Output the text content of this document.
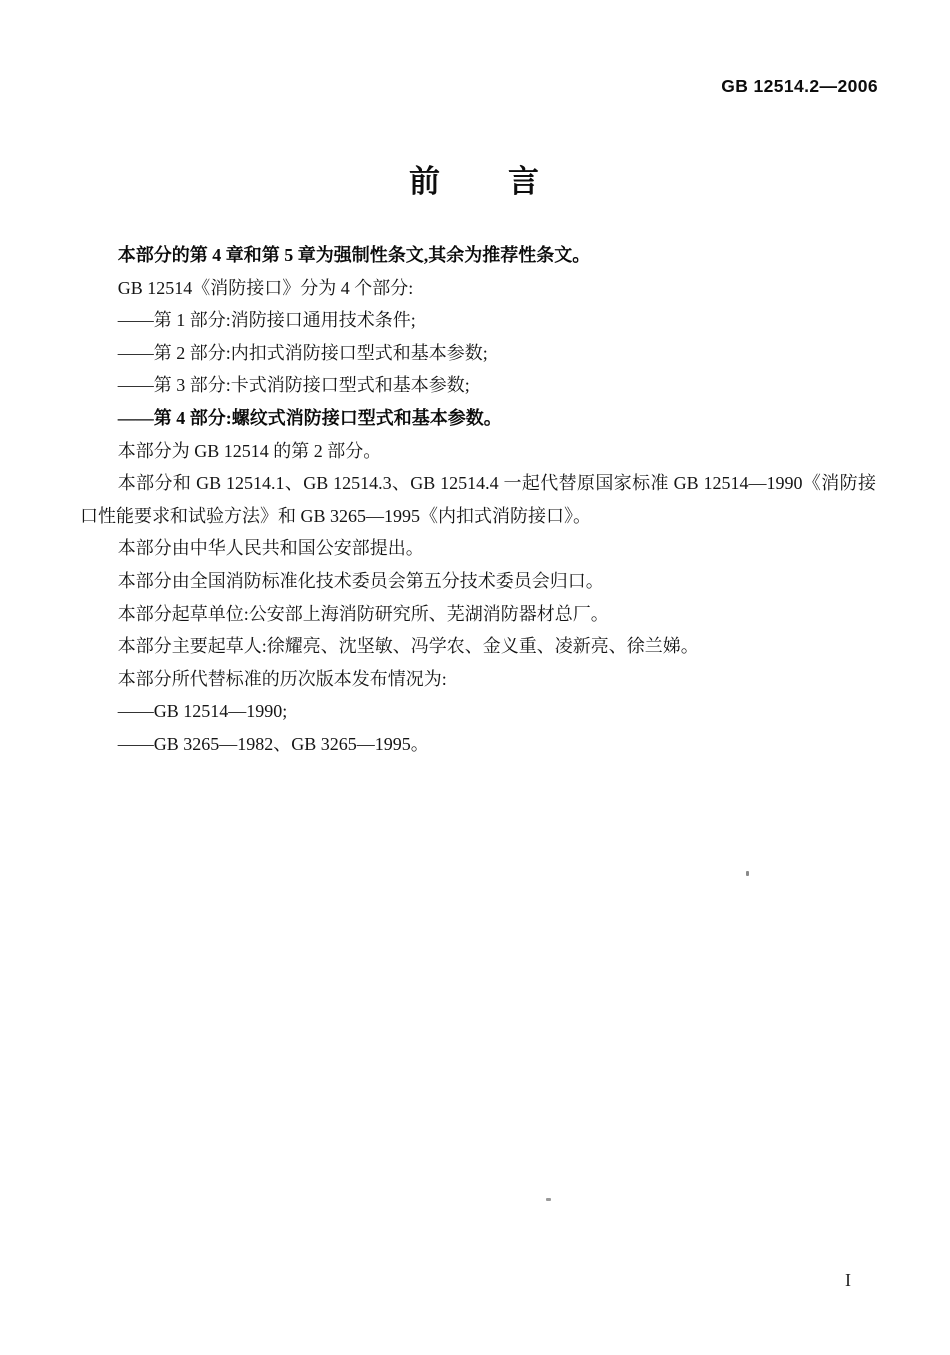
GB 12514.2—2006
前　　言

本部分的第 4 章和第 5 章为强制性条文,其余为推荐性条文。

GB 12514《消防接口》分为 4 个部分:

——第 1 部分:消防接口通用技术条件;

——第 2 部分:内扣式消防接口型式和基本参数;

——第 3 部分:卡式消防接口型式和基本参数;

——第 4 部分:螺纹式消防接口型式和基本参数。

本部分为 GB 12514 的第 2 部分。

本部分和 GB 12514.1、GB 12514.3、GB 12514.4 一起代替原国家标准 GB 12514—1990《消防接口性能要求和试验方法》和 GB 3265—1995《内扣式消防接口》。

本部分由中华人民共和国公安部提出。

本部分由全国消防标准化技术委员会第五分技术委员会归口。

本部分起草单位:公安部上海消防研究所、芜湖消防器材总厂。

本部分主要起草人:徐耀亮、沈坚敏、冯学农、金义重、凌新亮、徐兰娣。

本部分所代替标准的历次版本发布情况为:

——GB 12514—1990;

——GB 3265—1982、GB 3265—1995。

I
